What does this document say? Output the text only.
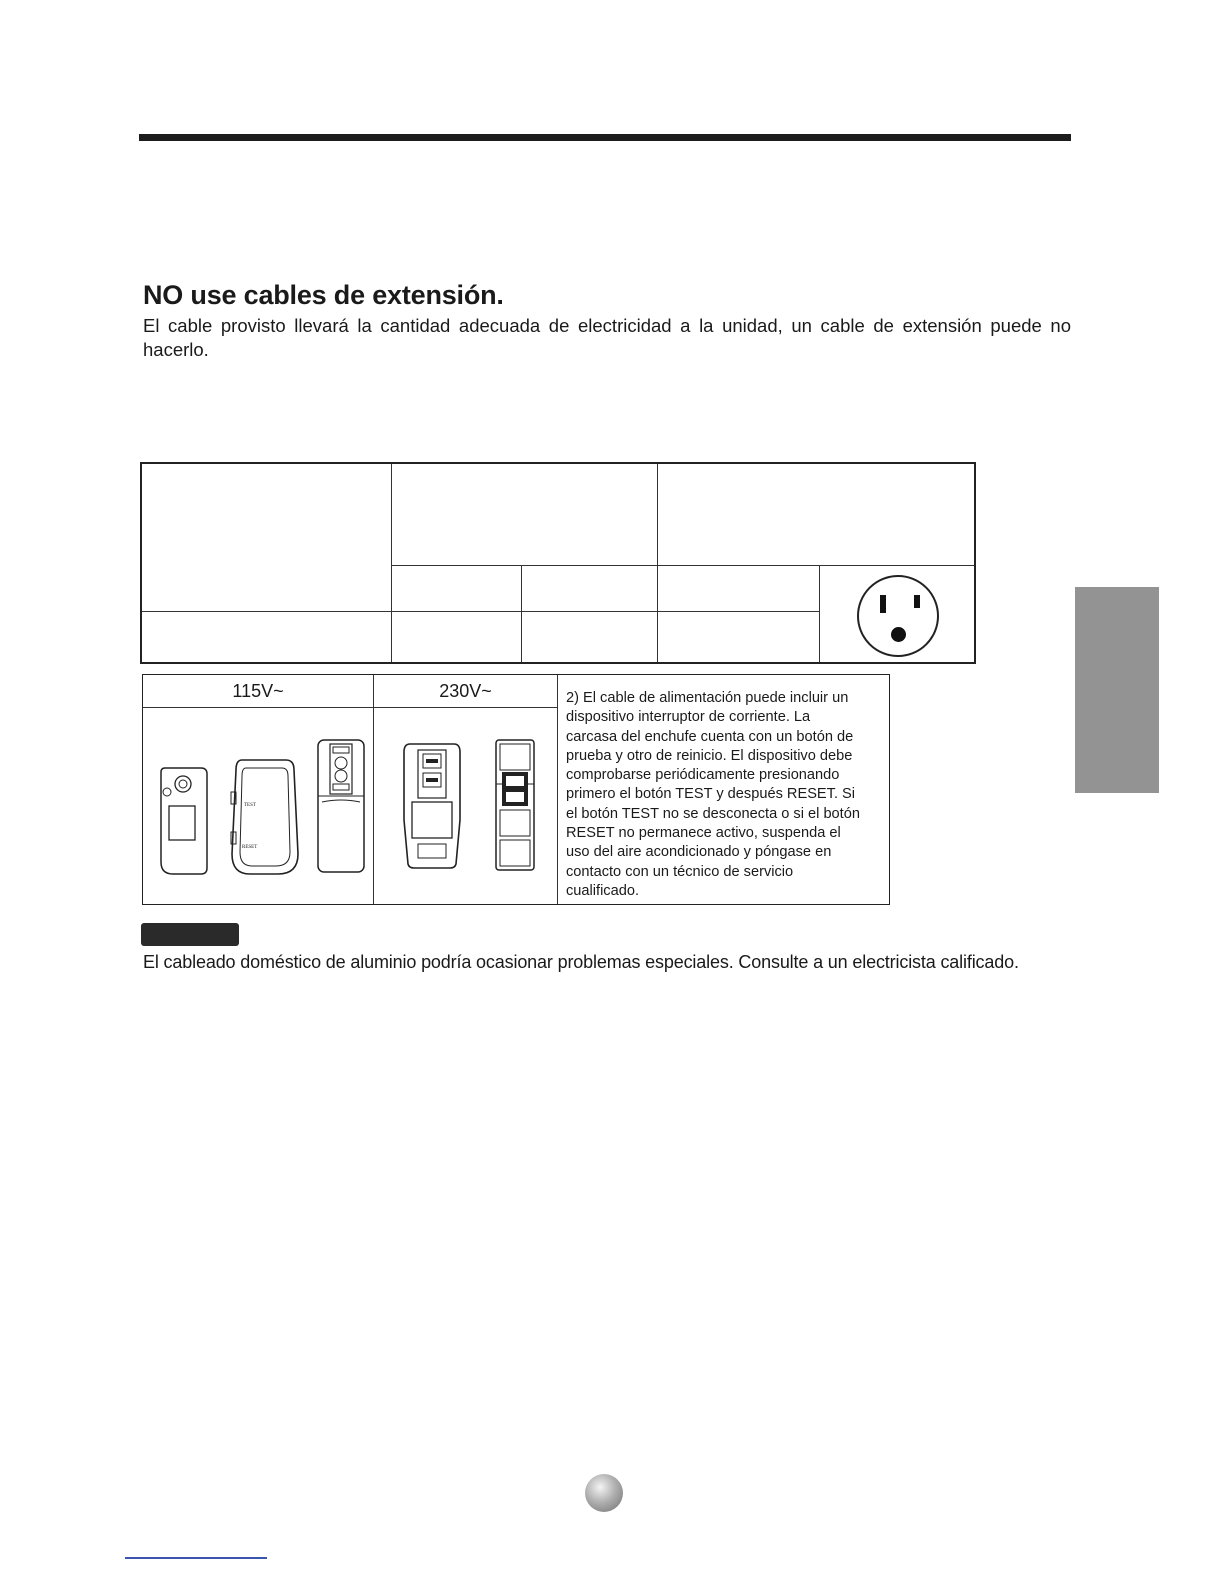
NO use cables de extensión.
El cable provisto llevará la cantidad adecuada de electricidad a la unidad, un cable de extensión puede no
hacerlo.
115V~	230V~	2) El cable de alimentación puede incluir un
dispositivo interruptor de corriente. La
carcasa del enchufe cuenta con un botón de
prueba y otro de reinicio. El dispositivo debe
comprobarse periódicamente presionando
primero el botón TEST y después RESET. Si
el botón TEST no se desconecta o si el botón
RESET no permanece activo, suspenda el
uso del aire acondicionado y póngase en
contacto con un técnico de servicio
cualificado.
TEST
RESET
El cableado doméstico de aluminio podría ocasionar problemas especiales. Consulte a un electricista calificado.
